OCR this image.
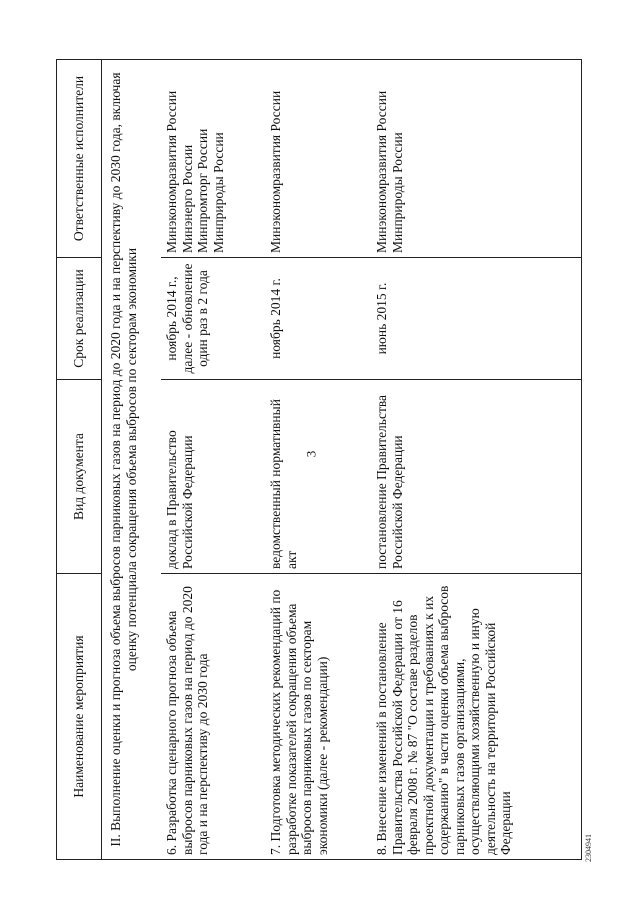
3
2304941
Наименование мероприятия	Вид документа	Срок реализации	Ответственные исполнители
II. Выполнение оценки и прогноза объема выбросов парниковых газов на период до 2020 года и на перспективу до 2030 года, включая оценку потенциала сокращения объема выбросов по секторам экономики			
6. Разработка сценарного прогноза объема выбросов парниковых газов на период до 2020 года и на перспективу до 2030 года	доклад в Правительство Российской Федерации	ноябрь 2014 г., далее - обновление один раз в 2 года	Минэкономразвития России Минэнерго России Минпромторг России Минприроды России
7. Подготовка методических рекомендаций по разработке показателей сокращения объема выбросов парниковых газов по секторам экономики (далее - рекомендации)	ведомственный нормативный акт	ноябрь 2014 г.	Минэкономразвития России
8. Внесение изменений в постановление Правительства Российской Федерации от 16 февраля 2008 г. № 87 "О составе разделов проектной документации и требованиях к их содержанию" в части оценки объема выбросов парниковых газов организациями, осуществляющими хозяйственную и иную деятельность на территории Российской Федерации	постановление Правительства Российской Федерации	июнь 2015 г.	Минэкономразвития России Минприроды России
